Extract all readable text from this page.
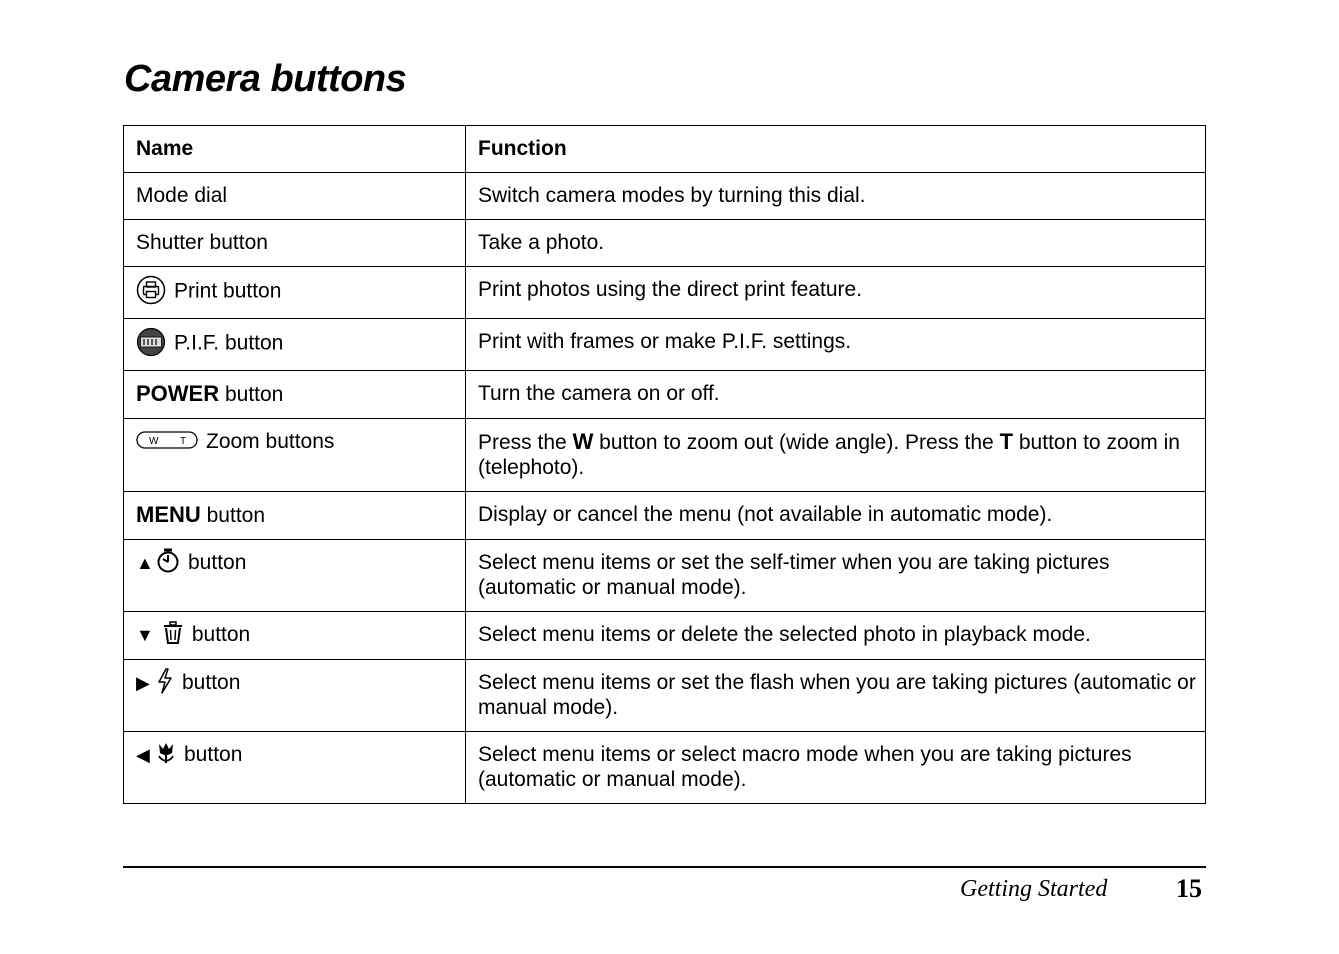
Camera buttons
Name	Function
Mode dial	Switch camera modes by turning this dial.
Shutter button	Take a photo.
Print button	Print photos using the direct print feature.
P.I.F. button	Print with frames or make P.I.F. settings.
POWER button	Turn the camera on or off.

W T Zoom buttons	Press the W button to zoom out (wide angle). Press the T button to zoom in (telephoto).
MENU button	Display or cancel the menu (not available in automatic mode).
▲ button	Select menu items or set the self-timer when you are taking pictures (automatic or manual mode).
▼ button	Select menu items or delete the selected photo in playback mode.
▶ button	Select menu items or set the flash when you are taking pictures (automatic or manual mode).
◀ button	Select menu items or select macro mode when you are taking pictures (automatic or manual mode).
Getting Started	15
